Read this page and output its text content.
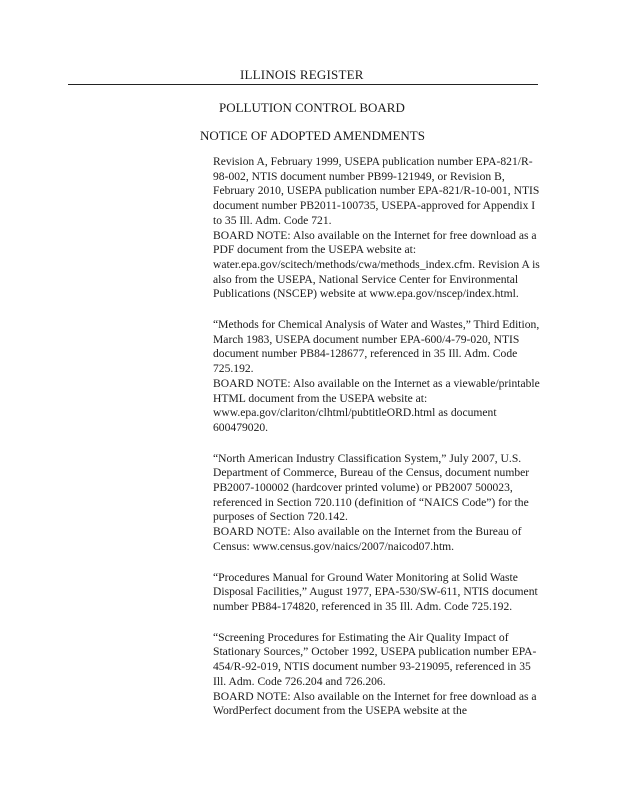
ILLINOIS REGISTER
POLLUTION CONTROL BOARD
NOTICE OF ADOPTED AMENDMENTS

Revision A, February 1999, USEPA publication number EPA-821/R-98-002, NTIS document number PB99-121949, or Revision B, February 2010, USEPA publication number EPA-821/R-10-001, NTIS document number PB2011-100735, USEPA-approved for Appendix I to 35 Ill. Adm. Code 721.

BOARD NOTE: Also available on the Internet for free download as a PDF document from the USEPA website at: water.epa.gov/scitech/methods/cwa/methods_index.cfm. Revision A is also from the USEPA, National Service Center for Environmental Publications (NSCEP) website at www.epa.gov/nscep/index.html.

“Methods for Chemical Analysis of Water and Wastes,” Third Edition, March 1983, USEPA document number EPA-600/4-79-020, NTIS document number PB84-128677, referenced in 35 Ill. Adm. Code 725.192.

BOARD NOTE: Also available on the Internet as a viewable/printable HTML document from the USEPA website at: www.epa.gov/clariton/clhtml/pubtitleORD.html as document 600479020.

“North American Industry Classification System,” July 2007, U.S. Department of Commerce, Bureau of the Census, document number PB2007-100002 (hardcover printed volume) or PB2007 500023, referenced in Section 720.110 (definition of “NAICS Code”) for the purposes of Section 720.142.

BOARD NOTE: Also available on the Internet from the Bureau of Census: www.census.gov/naics/2007/naicod07.htm.

“Procedures Manual for Ground Water Monitoring at Solid Waste Disposal Facilities,” August 1977, EPA-530/SW-611, NTIS document number PB84-174820, referenced in 35 Ill. Adm. Code 725.192.

“Screening Procedures for Estimating the Air Quality Impact of Stationary Sources,” October 1992, USEPA publication number EPA-454/R-92-019, NTIS document number 93-219095, referenced in 35 Ill. Adm. Code 726.204 and 726.206.

BOARD NOTE: Also available on the Internet for free download as a WordPerfect document from the USEPA website at the
